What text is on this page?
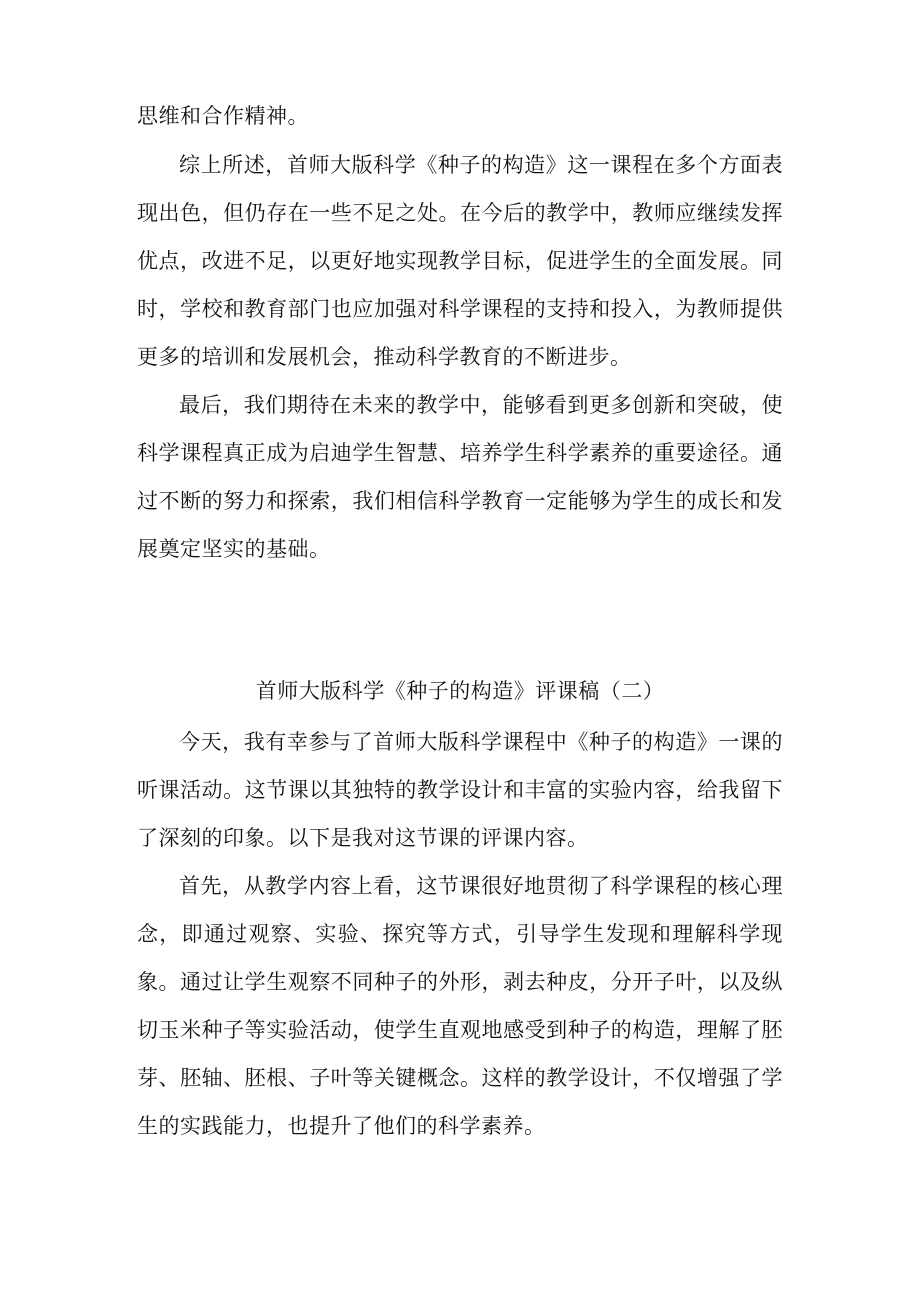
思维和合作精神。

综上所述，首师大版科学《种子的构造》这一课程在多个方面表现出色，但仍存在一些不足之处。在今后的教学中，教师应继续发挥优点，改进不足，以更好地实现教学目标，促进学生的全面发展。同时，学校和教育部门也应加强对科学课程的支持和投入，为教师提供更多的培训和发展机会，推动科学教育的不断进步。

最后，我们期待在未来的教学中，能够看到更多创新和突破，使科学课程真正成为启迪学生智慧、培养学生科学素养的重要途径。通过不断的努力和探索，我们相信科学教育一定能够为学生的成长和发展奠定坚实的基础。

首师大版科学《种子的构造》评课稿（二）

今天，我有幸参与了首师大版科学课程中《种子的构造》一课的听课活动。这节课以其独特的教学设计和丰富的实验内容，给我留下了深刻的印象。以下是我对这节课的评课内容。

首先，从教学内容上看，这节课很好地贯彻了科学课程的核心理念，即通过观察、实验、探究等方式，引导学生发现和理解科学现象。通过让学生观察不同种子的外形，剥去种皮，分开子叶，以及纵切玉米种子等实验活动，使学生直观地感受到种子的构造，理解了胚芽、胚轴、胚根、子叶等关键概念。这样的教学设计，不仅增强了学生的实践能力，也提升了他们的科学素养。
